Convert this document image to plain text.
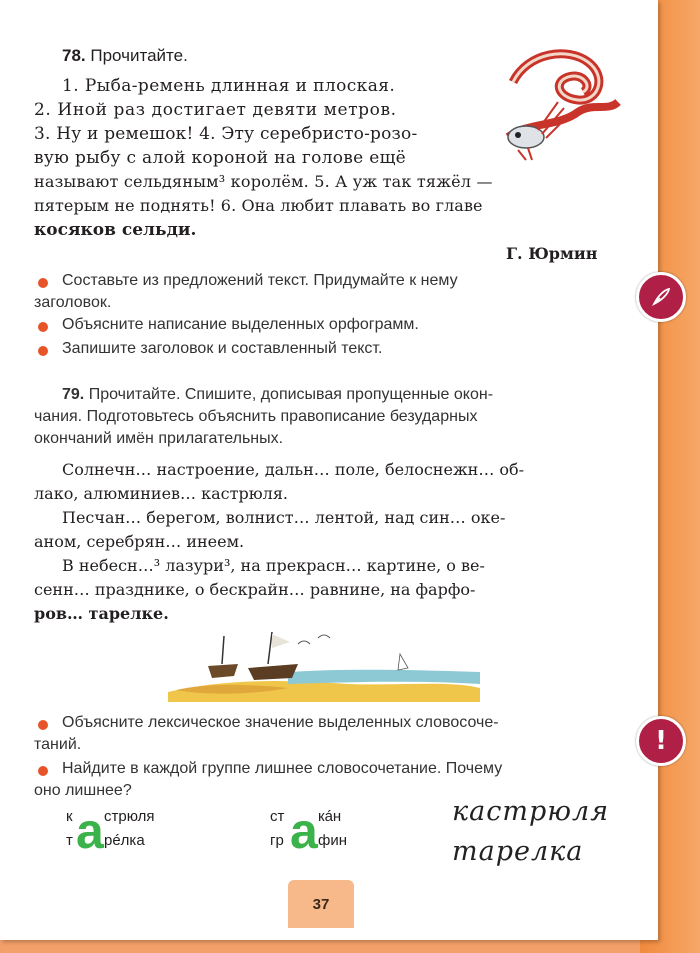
78. Прочитайте.
1. Рыба-ремень длинная и плоская.
2. Иной раз достигает девяти метров.
3. Ну и ремешок! 4. Эту серебристо-розо-
вую рыбу с алой короной на голове ещё
называют сельдяным³ королём. 5. А уж так тяжёл —
пятерым не поднять! 6. Она любит плавать во главе
косяков сельди.
Г. Юрмин
Составьте из предложений текст. Придумайте к нему
заголовок.
Объясните написание выделенных орфограмм.
Запишите заголовок и составленный текст.
79. Прочитайте. Спишите, дописывая пропущенные окон-
чания. Подготовьтесь объяснить правописание безударных
окончаний имён прилагательных.
Солнечн… настроение, дальн… поле, белоснежн… об-
лако, алюминиев… кастрюля.
Песчан… берегом, волнист… лентой, над син… оке-
аном, серебрян… инеем.
В небесн…³ лазури³, на прекрасн… картине, о ве-
сенн… празднике, о бескрайн… равнине, на фарфо-
ров… тарелке.
Объясните лексическое значение выделенных словосоче-
таний.
Найдите в каждой группе лишнее словосочетание. Почему
оно лишнее?
к а стрюля
т рéлка
ст а кáн
гр фин
кастрюля
тарелка
37
!
